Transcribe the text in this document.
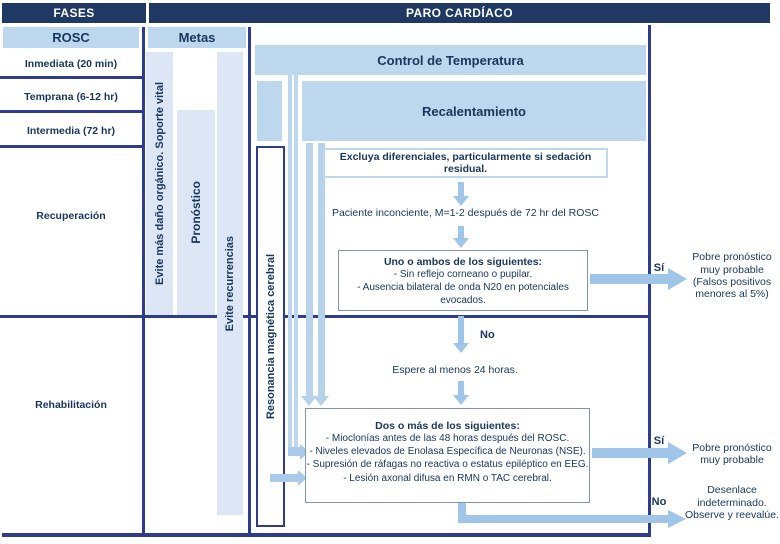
FASES	PARO CARDÍACO
ROSC
Inmediata (20 min)
Temprana (6-12 hr)
Intermedia (72 hr)
Recuperación
Rehabilitación
Metas
Evite más daño orgánico. Soporte vital Pronóstico
Evite recurrencias	Resonancia magnética cerebral
Control de Temperatura
Recalentamiento
Excluya diferenciales, particularmente si sedación residual.
Paciente inconciente, M=1-2 después de 72 hr del ROSC
Uno o ambos de los siguientes:
- Sin reflejo corneano o pupilar.
- Ausencia bilateral de onda N20 en potenciales evocados.
Sí
Pobre pronóstico muy probable (Falsos positivos menores al 5%)
No
Espere al menos 24 horas.
Dos o más de los siguientes:
- Mioclonías antes de las 48 horas después del ROSC.
- Niveles elevados de Enolasa Específica de Neuronas (NSE).
- Supresión de ráfagas no reactiva o estatus epiléptico en EEG.
- Lesión axonal difusa en RMN o TAC cerebral.
Sí
Pobre pronóstico muy probable
No
Desenlace indeterminado. Observe y reevalúe.
